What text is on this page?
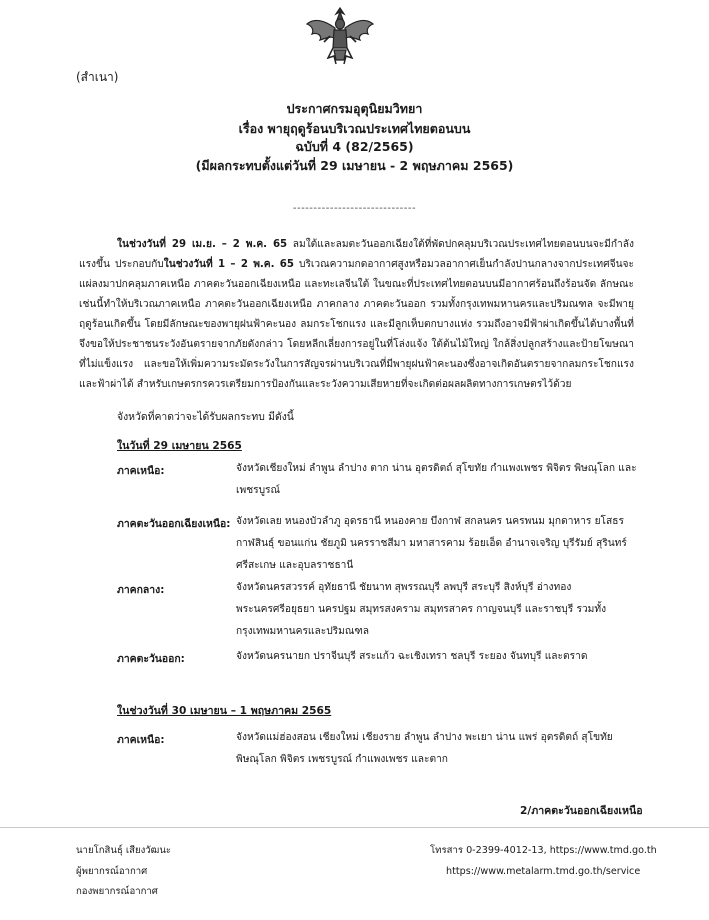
(สำเนา)
ประกาศกรมอุตุนิยมวิทยา
เรื่อง พายุฤดูร้อนบริเวณประเทศไทยตอนบน
ฉบับที่ 4 (82/2565)
(มีผลกระทบตั้งแต่วันที่ 29 เมษายน - 2 พฤษภาคม 2565)
------------------------------
ในช่วงวันที่ 29 เม.ย. – 2 พ.ค. 65 ลมใต้และลมตะวันออกเฉียงใต้ที่พัดปกคลุมบริเวณประเทศไทยตอนบนจะมีกำลังแรงขึ้น ประกอบกับในช่วงวันที่ 1 – 2 พ.ค. 65 บริเวณความกดอากาศสูงหรือมวลอากาศเย็นกำลังปานกลางจากประเทศจีนจะแผ่ลงมาปกคลุมภาคเหนือ ภาคตะวันออกเฉียงเหนือ และทะเลจีนใต้ ในขณะที่ประเทศไทยตอนบนมีอากาศร้อนถึงร้อนจัด ลักษณะเช่นนี้ทำให้บริเวณภาคเหนือ ภาคตะวันออกเฉียงเหนือ ภาคกลาง ภาคตะวันออก รวมทั้งกรุงเทพมหานครและปริมณฑล จะมีพายุฤดูร้อนเกิดขึ้น โดยมีลักษณะของพายุฝนฟ้าคะนอง ลมกระโชกแรง และมีลูกเห็บตกบางแห่ง รวมถึงอาจมีฟ้าผ่าเกิดขึ้นได้บางพื้นที่ จึงขอให้ประชาชนระวังอันตรายจากภัยดังกล่าว โดยหลีกเลี่ยงการอยู่ในที่โล่งแจ้ง ใต้ต้นไม้ใหญ่ ใกล้สิ่งปลูกสร้างและป้ายโฆษณาที่ไม่แข็งแรง และขอให้เพิ่มความระมัดระวังในการสัญจรผ่านบริเวณที่มีพายุฝนฟ้าคะนองซึ่งอาจเกิดอันตรายจากลมกระโชกแรงและฟ้าผ่าได้ สำหรับเกษตรกรควรเตรียมการป้องกันและระวังความเสียหายที่จะเกิดต่อผลผลิตทางการเกษตรไว้ด้วย
จังหวัดที่คาดว่าจะได้รับผลกระทบ มีดังนี้
ในวันที่ 29 เมษายน 2565
ภาคเหนือ:	จังหวัดเชียงใหม่ ลำพูน ลำปาง ตาก น่าน อุตรดิตถ์ สุโขทัย กำแพงเพชร พิจิตร พิษณุโลก และเพชรบูรณ์
ภาคตะวันออกเฉียงเหนือ: จังหวัดเลย หนองบัวลำภู อุดรธานี หนองคาย บึงกาฬ สกลนคร นครพนม มุกดาหาร ยโสธร กาฬสินธุ์ ขอนแก่น ชัยภูมิ นครราชสีมา มหาสารคาม ร้อยเอ็ด อำนาจเจริญ บุรีรัมย์ สุรินทร์ ศรีสะเกษ และอุบลราชธานี
ภาคกลาง:	จังหวัดนครสวรรค์ อุทัยธานี ชัยนาท สุพรรณบุรี ลพบุรี สระบุรี สิงห์บุรี อ่างทอง พระนครศรีอยุธยา นครปฐม สมุทรสงคราม สมุทรสาคร กาญจนบุรี และราชบุรี รวมทั้งกรุงเทพมหานครและปริมณฑล
ภาคตะวันออก:	จังหวัดนครนายก ปราจีนบุรี สระแก้ว ฉะเชิงเทรา ชลบุรี ระยอง จันทบุรี และตราด
ในช่วงวันที่ 30 เมษายน – 1 พฤษภาคม 2565
ภาคเหนือ:	จังหวัดแม่ฮ่องสอน เชียงใหม่ เชียงราย ลำพูน ลำปาง พะเยา น่าน แพร่ อุตรดิตถ์ สุโขทัย พิษณุโลก พิจิตร เพชรบูรณ์ กำแพงเพชร และตาก
2/ภาคตะวันออกเฉียงเหนือ
นายโกสินธุ์ เสียงวัฒนะ
ผู้พยากรณ์อากาศ
กองพยากรณ์อากาศ
โทรสาร 0-2399-4012-13, https://www.tmd.go.th
https://www.metalarm.tmd.go.th/service
